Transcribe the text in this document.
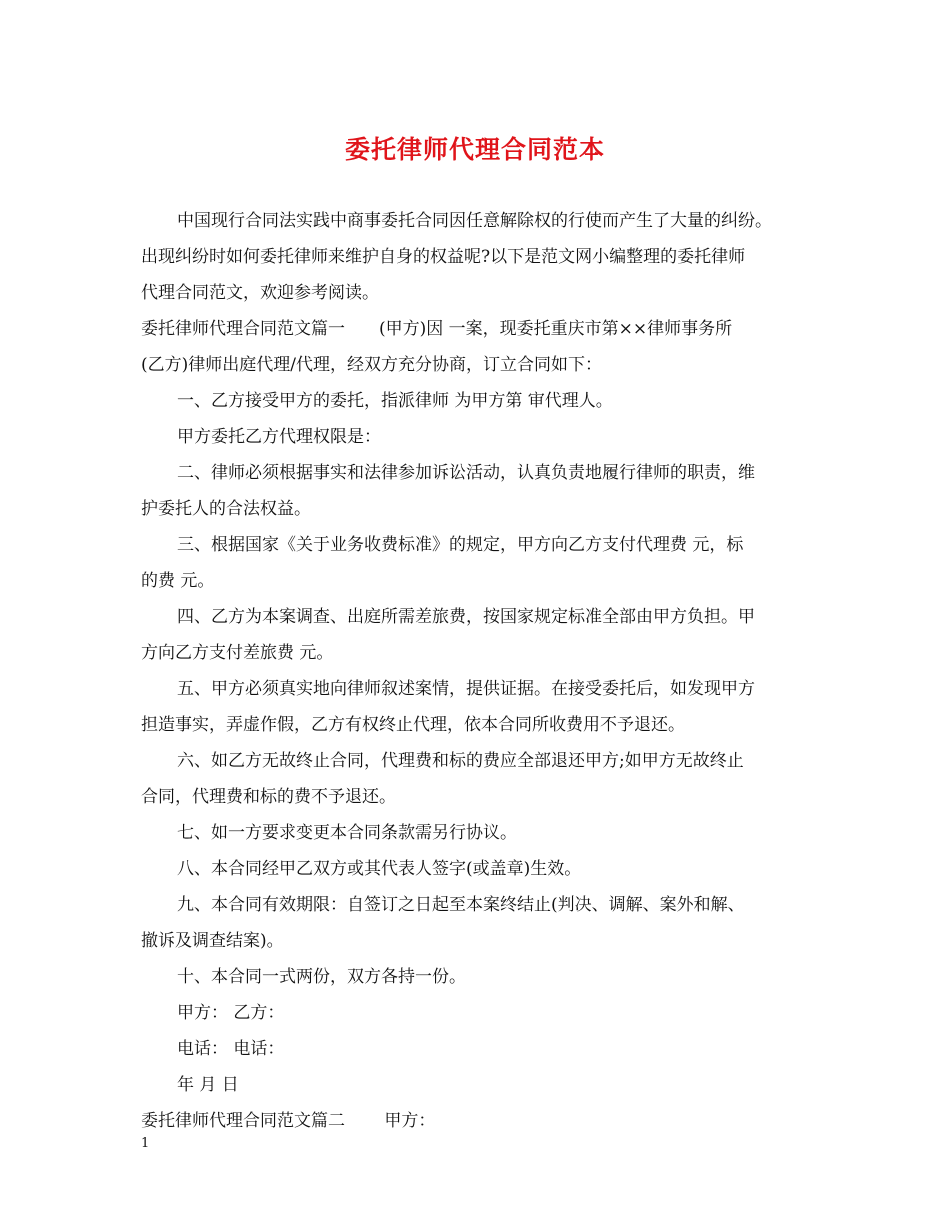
委托律师代理合同范本
中国现行合同法实践中商事委托合同因任意解除权的行使而产生了大量的纠纷。
出现纠纷时如何委托律师来维护自身的权益呢?以下是范文网小编整理的委托律师
代理合同范文，欢迎参考阅读。
委托律师代理合同范文篇一　　(甲方)因 一案，现委托重庆市第××律师事务所
(乙方)律师出庭代理/代理，经双方充分协商，订立合同如下：
一、乙方接受甲方的委托，指派律师 为甲方第 审代理人。
甲方委托乙方代理权限是：
二、律师必须根据事实和法律参加诉讼活动，认真负责地履行律师的职责，维
护委托人的合法权益。
三、根据国家《关于业务收费标准》的规定，甲方向乙方支付代理费 元，标
的费 元。
四、乙方为本案调查、出庭所需差旅费，按国家规定标准全部由甲方负担。甲
方向乙方支付差旅费 元。
五、甲方必须真实地向律师叙述案情，提供证据。在接受委托后，如发现甲方
担造事实，弄虚作假，乙方有权终止代理，依本合同所收费用不予退还。
六、如乙方无故终止合同，代理费和标的费应全部退还甲方;如甲方无故终止
合同，代理费和标的费不予退还。
七、如一方要求变更本合同条款需另行协议。
八、本合同经甲乙双方或其代表人签字(或盖章)生效。
九、本合同有效期限：自签订之日起至本案终结止(判决、调解、案外和解、
撤诉及调查结案)。
十、本合同一式两份，双方各持一份。
甲方： 乙方：
电话： 电话：
年 月 日
委托律师代理合同范文篇二　　 甲方：
1
